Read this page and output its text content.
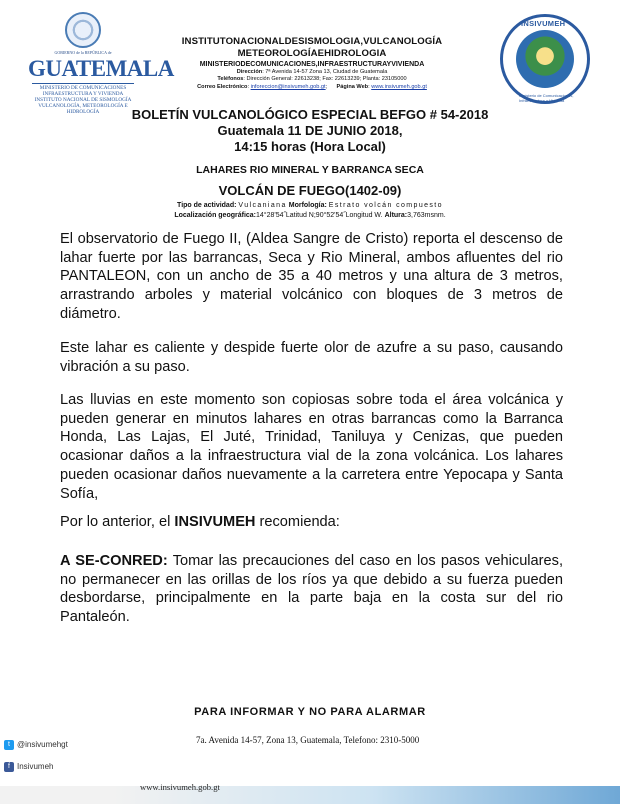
GOBIERNO de la REPÚBLICA de
GUATEMALA
MINISTERIO DE COMUNICACIONES
INFRAESTRUCTURA Y VIVIENDA
INSTITUTO NACIONAL DE SISMOLOGÍA
VULCANOLOGÍA, METEOROLOGÍA E
HIDROLOGÍA
INSTITUTONACIONALDESISMOLOGIA,VULCANOLOGÍA
METEOROLOGÍAEHIDROLOGIA
MINISTERIODECOMUNICACIONES,INFRAESTRUCTURAYVIVIENDA
Dirección: 7ª Avenida 14-57 Zona 13, Ciudad de Guatemala
Teléfonos: Dirección General: 22613238; Fax: 22613239; Planta: 23105000
Correo Electrónico: inforeccion@insivumeh.gob.gt;      Página Web: www.insivumeh.gob.gt
INSIVUMEH
Ministerio de Comunicaciones, Infraestructura y Vivienda
BOLETÍN VULCANOLÓGICO ESPECIAL BEFGO # 54-2018
Guatemala 11 DE JUNIO 2018,
14:15 horas (Hora Local)
LAHARES RIO MINERAL Y BARRANCA SECA
VOLCÁN DE FUEGO(1402-09)
Tipo de actividad: Vulcaniana Morfología: Estrato volcán compuesto
Localización geográfica:14°28'54˝Latitud N;90°52'54˝Longitud W. Altura:3,763msnm.
El observatorio de Fuego II, (Aldea Sangre de Cristo) reporta el descenso de lahar fuerte por las barrancas, Seca y Rio Mineral, ambos afluentes del rio PANTALEON, con un ancho de 35 a 40 metros y una altura de 3 metros, arrastrando arboles y material volcánico con bloques de 3 metros de diámetro.
Este lahar es caliente y despide fuerte olor de azufre a su paso, causando vibración a su paso.
Las lluvias en este momento son copiosas sobre toda el área volcánica y pueden generar en minutos lahares en otras barrancas como la Barranca Honda, Las Lajas, El Juté, Trinidad, Taniluya y Cenizas, que pueden ocasionar daños a la infraestructura vial de la zona volcánica. Los lahares pueden ocasionar daños nuevamente a la carretera entre Yepocapa y Santa Sofía,
Por lo anterior, el INSIVUMEH recomienda:
A SE-CONRED: Tomar las precauciones del caso en los pasos vehiculares, no permanecer en las orillas de los ríos ya que debido a su fuerza pueden desbordarse, principalmente en la parte baja en la costa sur del rio Pantaleón.
PARA INFORMAR Y NO PARA ALARMAR
7a. Avenida 14-57, Zona 13, Guatemala, Telefono: 2310-5000
t @insivumehgt
f Insivumeh
www.insivumeh.gob.gt
